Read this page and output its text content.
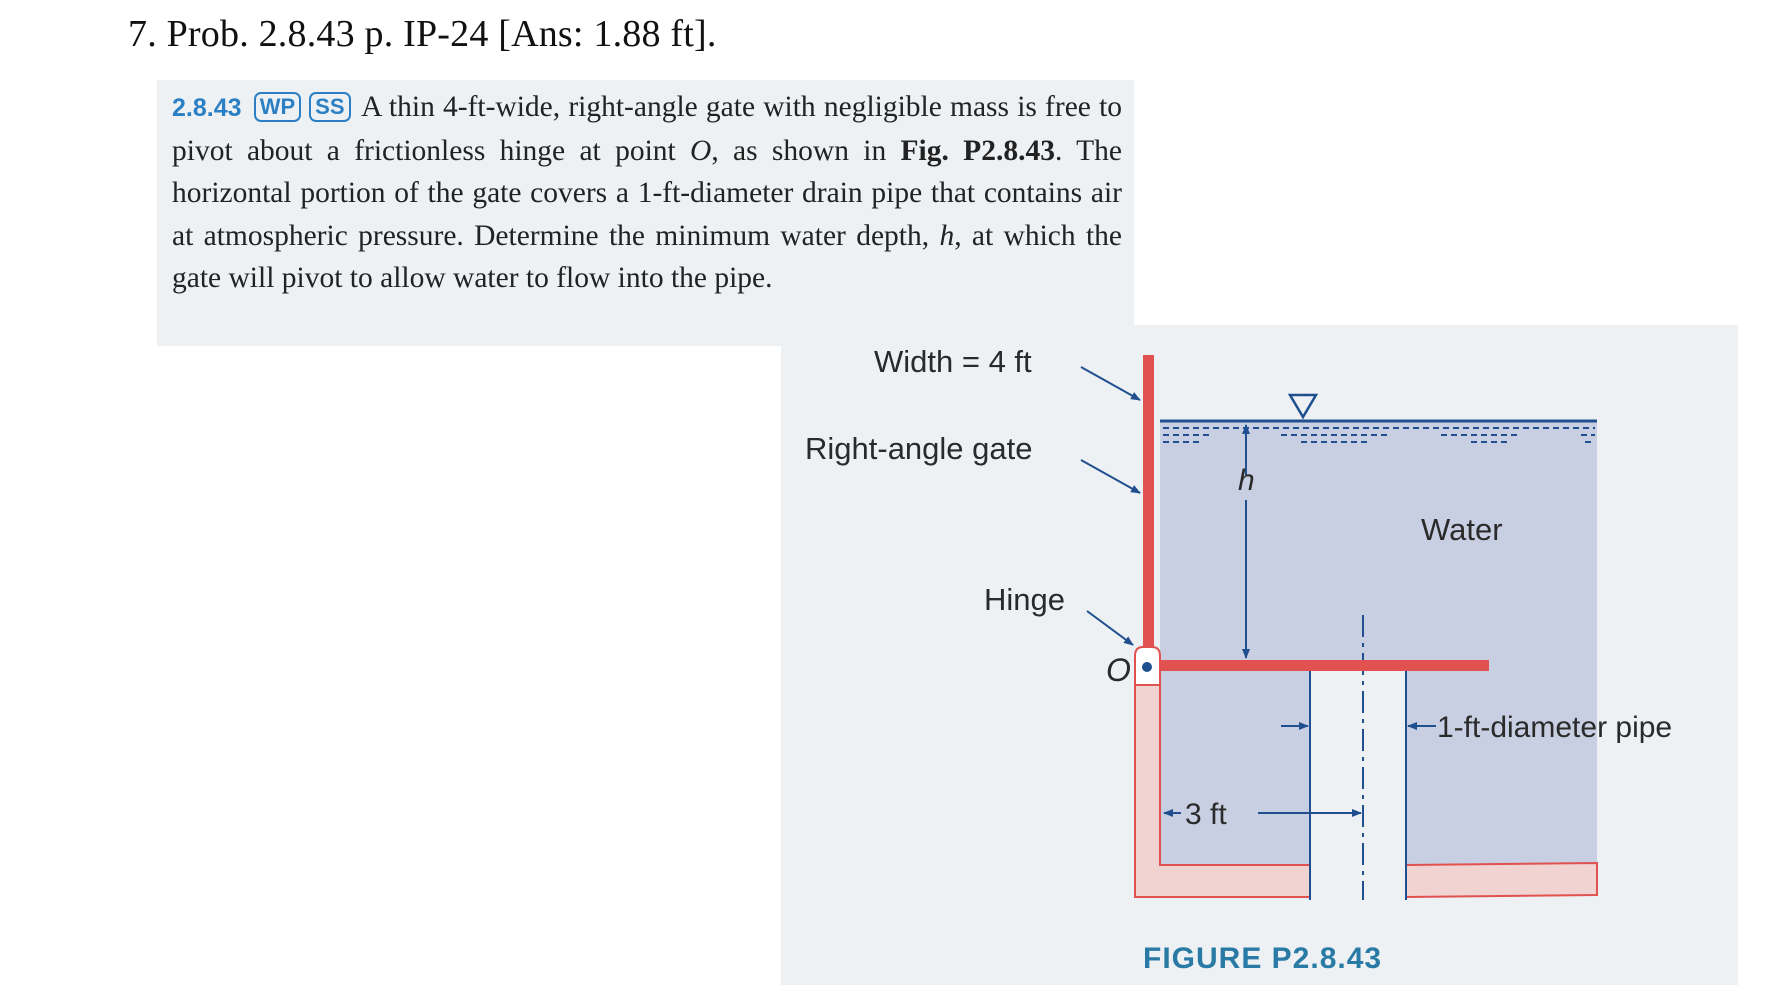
7. Prob. 2.8.43 p. IP-24 [Ans: 1.88 ft].
2.8.43 WP SS A thin 4-ft-wide, right-angle gate with negligible mass is free to pivot about a frictionless hinge at point O, as shown in Fig. P2.8.43. The horizontal portion of the gate covers a 1-ft-diameter drain pipe that contains air at atmospheric pressure. Determine the minimum water depth, h, at which the gate will pivot to allow water to flow into the pipe.
h
3 ft
1-ft-diameter pipe
Water
Width = 4 ft
Right-angle gate
Hinge
O
FIGURE P2.8.43
